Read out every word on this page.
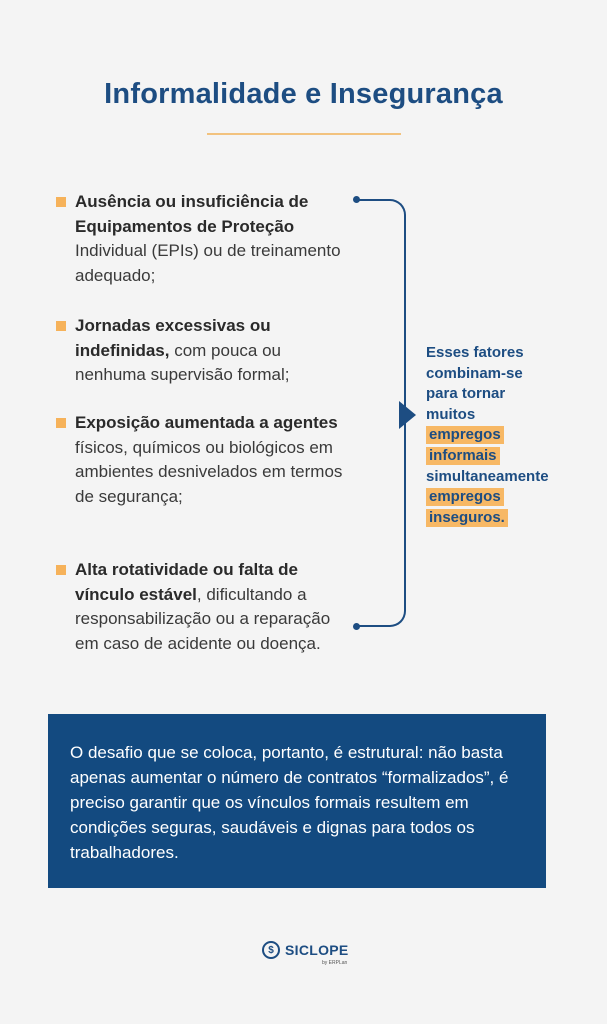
Informalidade e Insegurança

Ausência ou insuficiência de Equipamentos de Proteção Individual (EPIs) ou de treinamento adequado;

Jornadas excessivas ou indefinidas, com pouca ou nenhuma supervisão formal;

Exposição aumentada a agentes físicos, químicos ou biológicos em ambientes desnivelados em termos de segurança;

Alta rotatividade ou falta de vínculo estável, dificultando a responsabilização ou a reparação em caso de acidente ou doença.

Esses fatores
combinam-se
para tornar
muitos
empregos
informais
simultaneamente
empregos
inseguros.

O desafio que se coloca, portanto, é estrutural: não basta apenas aumentar o número de contratos “formalizados”, é preciso garantir que os vínculos formais resultem em condições seguras, saudáveis e dignas para todos os trabalhadores.

$ SICLOPE
by ERPLan
